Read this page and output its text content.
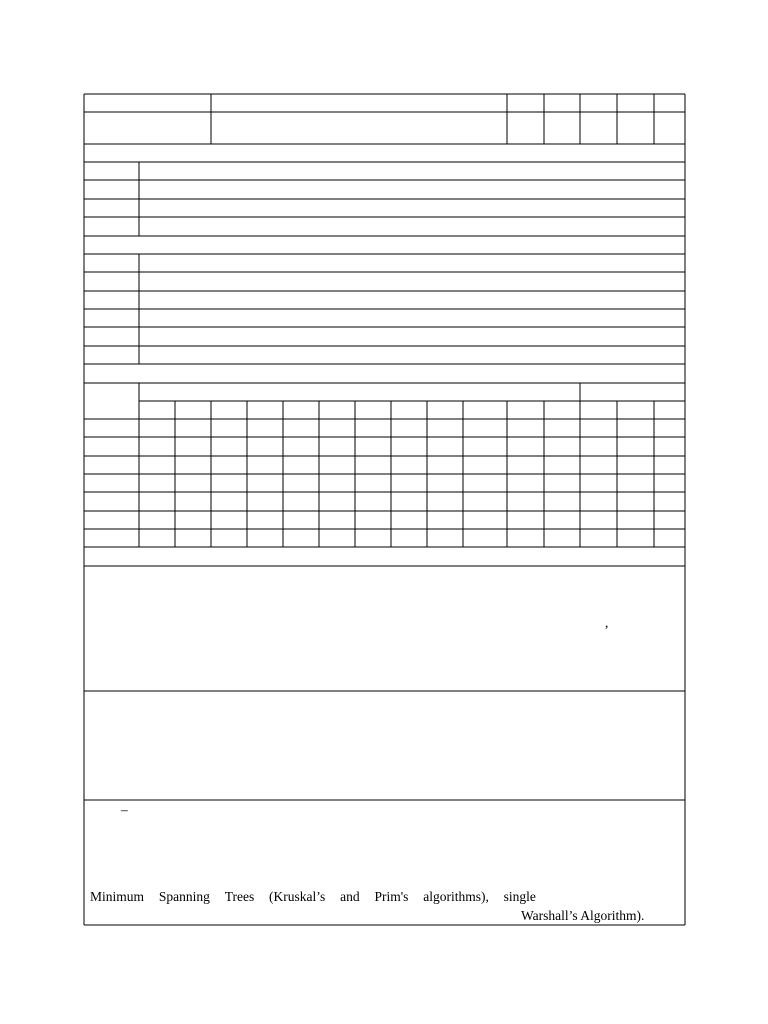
,
–
Minimum Spanning Trees (Kruskal’s and Prim's algorithms), single
Warshall’s Algorithm).
